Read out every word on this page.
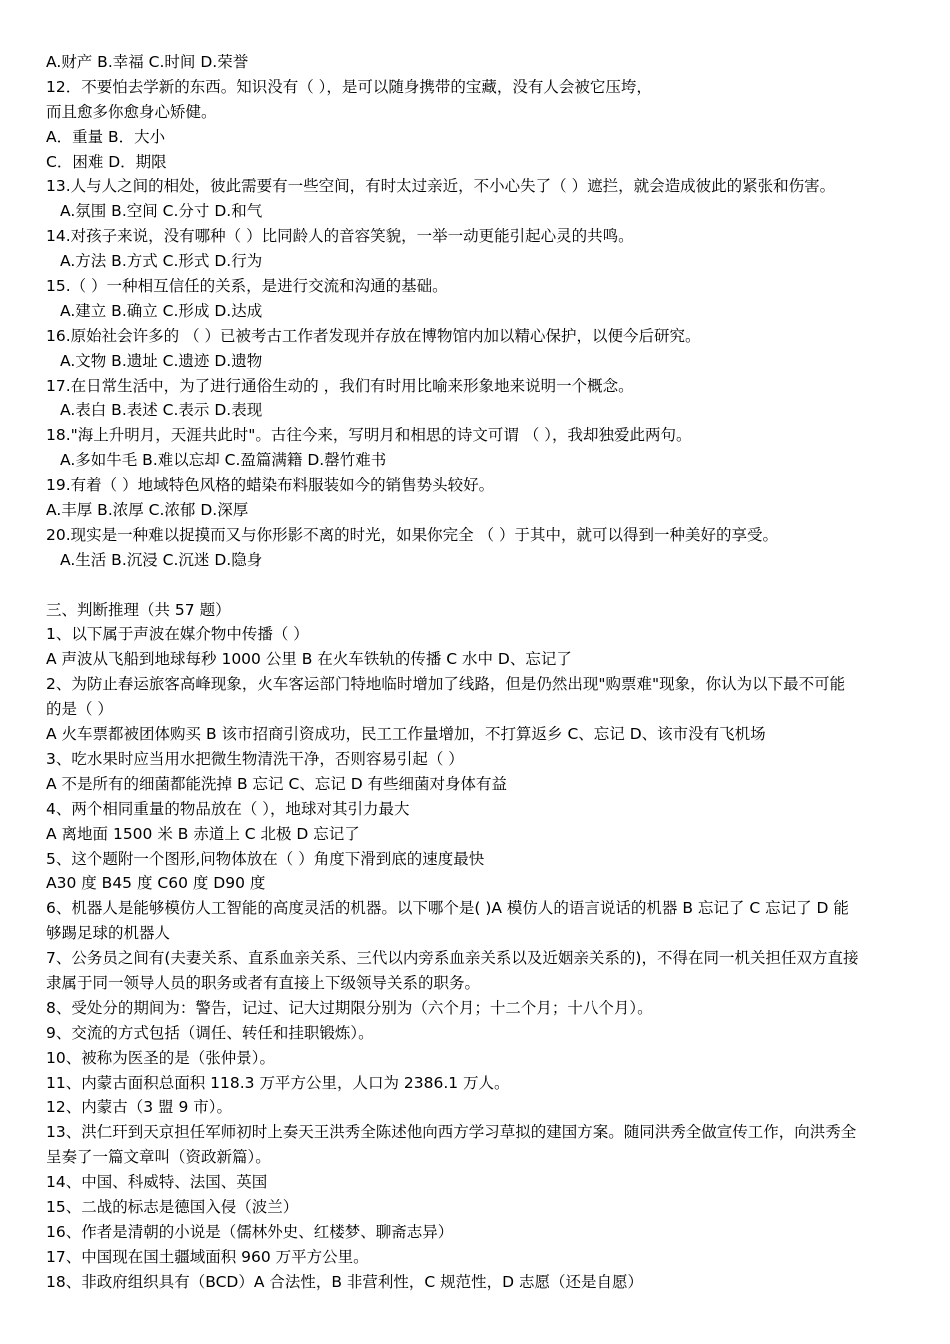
A.财产 B.幸福 C.时间 D.荣誉
12．不要怕去学新的东西。知识没有（ ），是可以随身携带的宝藏，没有人会被它压垮，
而且愈多你愈身心矫健。
A．重量 B．大小
C．困难 D．期限
13.人与人之间的相处，彼此需要有一些空间，有时太过亲近，不小心失了（ ）遮拦，就会造成彼此的紧张和伤害。
A.氛围 B.空间 C.分寸 D.和气
14.对孩子来说，没有哪种（ ）比同龄人的音容笑貌，一举一动更能引起心灵的共鸣。
A.方法 B.方式 C.形式 D.行为
15.（ ）一种相互信任的关系，是进行交流和沟通的基础。
A.建立 B.确立 C.形成 D.达成
16.原始社会许多的 （ ）已被考古工作者发现并存放在博物馆内加以精心保护，以便今后研究。
A.文物 B.遗址 C.遗迹 D.遗物
17.在日常生活中，为了进行通俗生动的 ，我们有时用比喻来形象地来说明一个概念。
A.表白 B.表述 C.表示 D.表现
18."海上升明月，天涯共此时"。古往今来，写明月和相思的诗文可谓 （ ），我却独爱此两句。
A.多如牛毛 B.难以忘却 C.盈篇满籍 D.罄竹难书
19.有着（ ）地域特色风格的蜡染布料服装如今的销售势头较好。
A.丰厚 B.浓厚 C.浓郁 D.深厚
20.现实是一种难以捉摸而又与你形影不离的时光，如果你完全 （ ）于其中，就可以得到一种美好的享受。
A.生活 B.沉浸 C.沉迷 D.隐身
三、判断推理（共 57 题）
1、以下属于声波在媒介物中传播（ ）
A 声波从飞船到地球每秒 1000 公里 B 在火车铁轨的传播 C 水中 D、忘记了
2、为防止春运旅客高峰现象，火车客运部门特地临时增加了线路，但是仍然出现"购票难"现象，你认为以下最不可能
的是（ ）
A 火车票都被团体购买 B 该市招商引资成功，民工工作量增加，不打算返乡 C、忘记 D、该市没有飞机场
3、吃水果时应当用水把微生物清洗干净，否则容易引起（ ）
A 不是所有的细菌都能洗掉 B 忘记 C、忘记 D 有些细菌对身体有益
4、两个相同重量的物品放在（ ），地球对其引力最大
A 离地面 1500 米 B 赤道上 C 北极 D 忘记了
5、这个题附一个图形,问物体放在（ ）角度下滑到底的速度最快
A30 度 B45 度 C60 度 D90 度
6、机器人是能够模仿人工智能的高度灵活的机器。以下哪个是( )A 模仿人的语言说话的机器 B 忘记了 C 忘记了 D 能
够踢足球的机器人
7、公务员之间有(夫妻关系、直系血亲关系、三代以内旁系血亲关系以及近姻亲关系的)，不得在同一机关担任双方直接
隶属于同一领导人员的职务或者有直接上下级领导关系的职务。
8、受处分的期间为：警告，记过、记大过期限分别为（六个月；十二个月；十八个月）。
9、交流的方式包括（调任、转任和挂职锻炼）。
10、被称为医圣的是（张仲景）。
11、内蒙古面积总面积 118.3 万平方公里，人口为 2386.1 万人。
12、内蒙古（3 盟 9 市）。
13、洪仁玕到天京担任军师初时上奏天王洪秀全陈述他向西方学习草拟的建国方案。随同洪秀全做宣传工作，向洪秀全
呈奏了一篇文章叫（资政新篇）。
14、中国、科威特、法国、英国
15、二战的标志是德国入侵（波兰）
16、作者是清朝的小说是（儒林外史、红楼梦、聊斋志异）
17、中国现在国土疆域面积 960 万平方公里。
18、非政府组织具有（BCD）A 合法性，B 非营利性，C 规范性，D 志愿（还是自愿）
